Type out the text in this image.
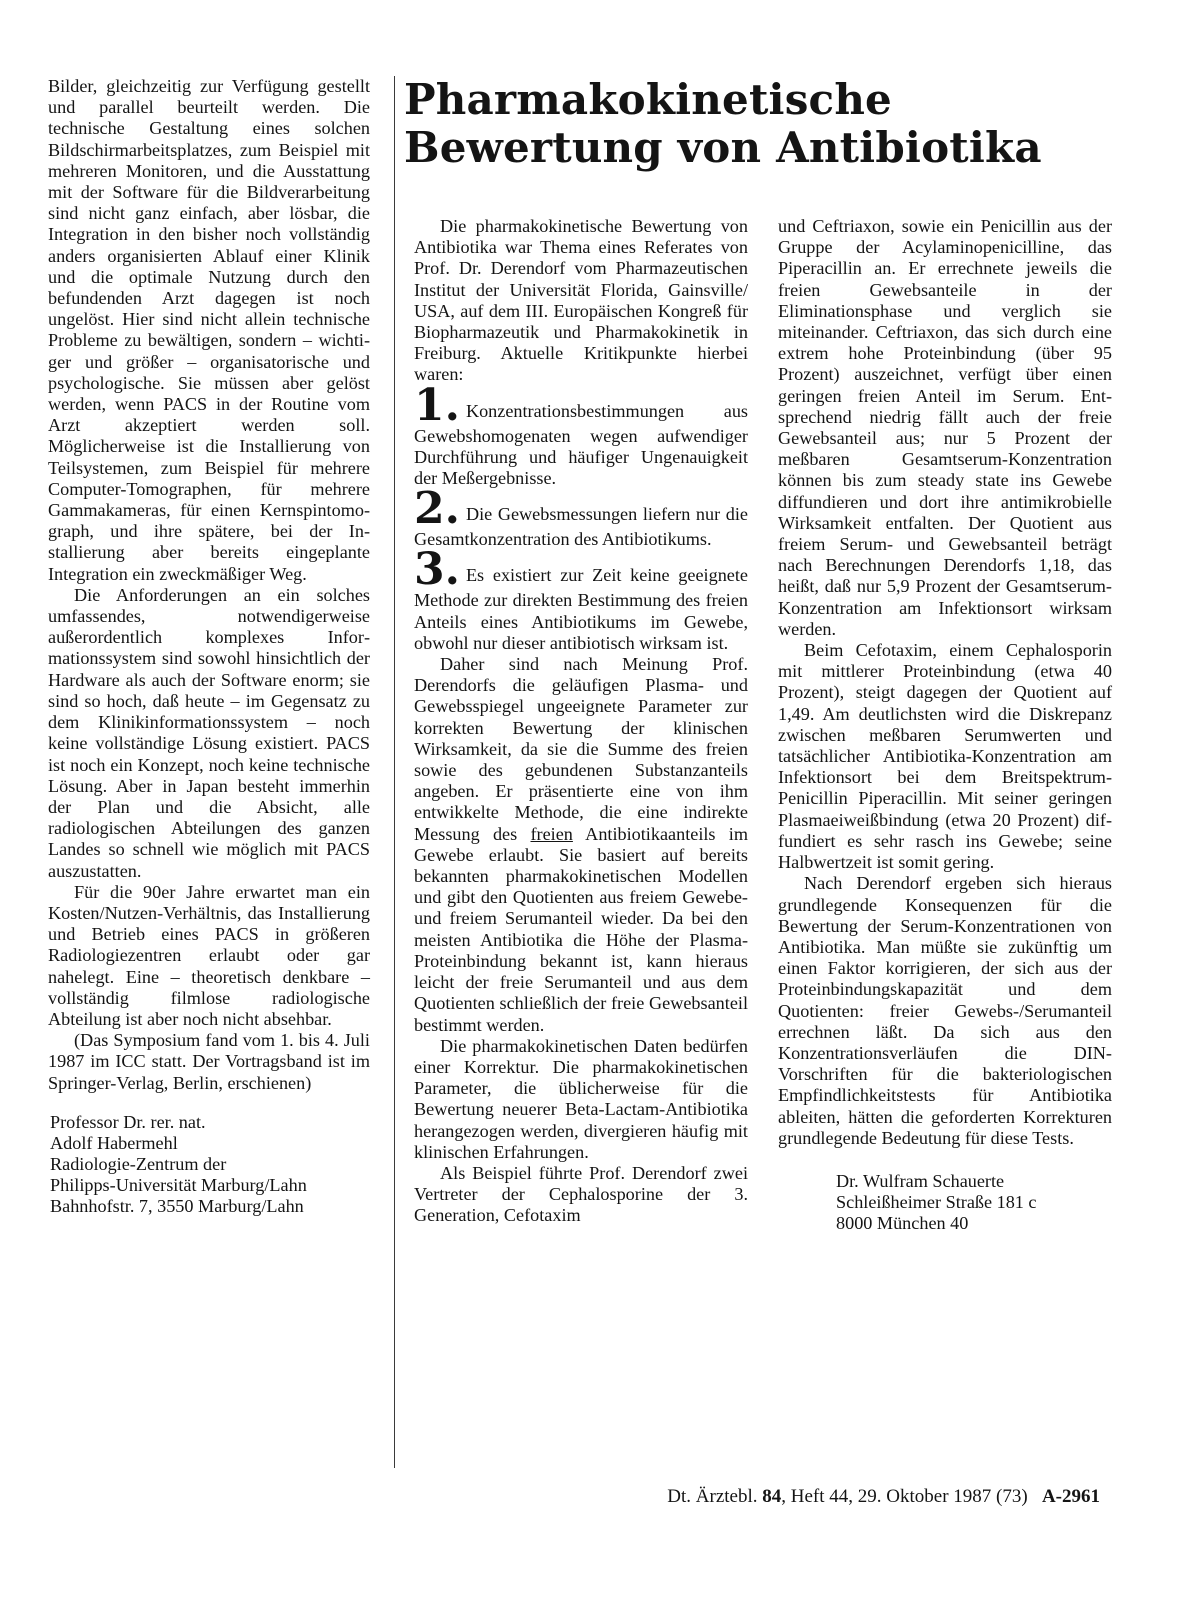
Pharmakokinetische
Bewertung von Antibiotika

Bilder, gleichzeitig zur Verfügung gestellt und parallel beurteilt werden. Die technische Gestaltung eines solchen Bildschirmarbeitsplatzes, zum Beispiel mit mehreren Monitoren, und die Ausstattung mit der Software für die Bildverarbeitung sind nicht ganz einfach, aber lösbar, die Integration in den bisher noch vollständig anders organisierten Ablauf einer Klinik und die optimale Nutzung durch den befundenden Arzt dagegen ist noch ungelöst. Hier sind nicht allein technische Probleme zu bewältigen, sondern – wichtiger und größer – organisatorische und psychologische. Sie müssen aber gelöst werden, wenn PACS in der Routine vom Arzt akzeptiert werden soll. Möglicherweise ist die Installierung von Teilsystemen, zum Beispiel für mehrere Computer-Tomographen, für mehrere Gammakameras, für einen Kernspintomograph, und ihre spätere, bei der Installierung aber bereits eingeplante Integration ein zweckmäßiger Weg.

Die Anforderungen an ein solches umfassendes, notwendigerweise außerordentlich komplexes Informationssystem sind sowohl hinsichtlich der Hardware als auch der Software enorm; sie sind so hoch, daß heute – im Gegensatz zu dem Klinikinformationssystem – noch keine vollständige Lösung existiert. PACS ist noch ein Konzept, noch keine technische Lösung. Aber in Japan besteht immerhin der Plan und die Absicht, alle radiologischen Abteilungen des ganzen Landes so schnell wie möglich mit PACS auszustatten.

Für die 90er Jahre erwartet man ein Kosten/Nutzen-Verhältnis, das Installierung und Betrieb eines PACS in größeren Radiologiezentren erlaubt oder gar nahelegt. Eine – theoretisch denkbare – vollständig filmlose radiologische Abteilung ist aber noch nicht absehbar.

(Das Symposium fand vom 1. bis 4. Juli 1987 im ICC statt. Der Vortragsband ist im Springer-Verlag, Berlin, erschienen)

Professor Dr. rer. nat.
Adolf Habermehl
Radiologie-Zentrum der
Philipps-Universität Marburg/Lahn
Bahnhofstr. 7, 3550 Marburg/Lahn

Die pharmakokinetische Bewertung von Antibiotika war Thema eines Referates von Prof. Dr. Derendorf vom Pharmazeutischen Institut der Universität Florida, Gainsville/ USA, auf dem III. Europäischen Kongreß für Biopharmazeutik und Pharmakokinetik in Freiburg. Aktuelle Kritikpunkte hierbei waren:

1. Konzentrationsbestimmungen aus Gewebshomogenaten wegen aufwendiger Durchführung und häufiger Ungenauigkeit der Meßergebnisse.

2. Die Gewebsmessungen liefern nur die Gesamtkonzentration des Antibiotikums.

3. Es existiert zur Zeit keine geeignete Methode zur direkten Bestimmung des freien Anteils eines Antibiotikums im Gewebe, obwohl nur dieser antibiotisch wirksam ist.

Daher sind nach Meinung Prof. Derendorfs die geläufigen Plasma- und Gewebsspiegel ungeeignete Parameter zur korrekten Bewertung der klinischen Wirksamkeit, da sie die Summe des freien sowie des gebundenen Substanzanteils angeben. Er präsentierte eine von ihm entwikkelte Methode, die eine indirekte Messung des freien Antibiotikaanteils im Gewebe erlaubt. Sie basiert auf bereits bekannten pharmakokinetischen Modellen und gibt den Quotienten aus freiem Gewebe- und freiem Serumanteil wieder. Da bei den meisten Antibiotika die Höhe der Plasma-Proteinbindung bekannt ist, kann hieraus leicht der freie Serumanteil und aus dem Quotienten schließlich der freie Gewebsanteil bestimmt werden.

Die pharmakokinetischen Daten bedürfen einer Korrektur. Die pharmakokinetischen Parameter, die üblicherweise für die Bewertung neuerer Beta-Lactam-Antibiotika herangezogen werden, divergieren häufig mit klinischen Erfahrungen.

Als Beispiel führte Prof. Derendorf zwei Vertreter der Cephalosporine der 3. Generation, Cefotaxim

und Ceftriaxon, sowie ein Penicillin aus der Gruppe der Acylaminopenicilline, das Piperacillin an. Er errechnete jeweils die freien Gewebsanteile in der Eliminationsphase und verglich sie miteinander. Ceftriaxon, das sich durch eine extrem hohe Proteinbindung (über 95 Prozent) auszeichnet, verfügt über einen geringen freien Anteil im Serum. Entsprechend niedrig fällt auch der freie Gewebsanteil aus; nur 5 Prozent der meßbaren Gesamtserum-Konzentration können bis zum steady state ins Gewebe diffundieren und dort ihre antimikrobielle Wirksamkeit entfalten. Der Quotient aus freiem Serum- und Gewebsanteil beträgt nach Berechnungen Derendorfs 1,18, das heißt, daß nur 5,9 Prozent der Gesamtserum-Konzentration am Infektionsort wirksam werden.

Beim Cefotaxim, einem Cephalosporin mit mittlerer Proteinbindung (etwa 40 Prozent), steigt dagegen der Quotient auf 1,49. Am deutlichsten wird die Diskrepanz zwischen meßbaren Serumwerten und tatsächlicher Antibiotika-Konzentration am Infektionsort bei dem Breitspektrum-Penicillin Piperacillin. Mit seiner geringen Plasmaeiweißbindung (etwa 20 Prozent) diffundiert es sehr rasch ins Gewebe; seine Halbwertzeit ist somit gering.

Nach Derendorf ergeben sich hieraus grundlegende Konsequenzen für die Bewertung der Serum-Konzentrationen von Antibiotika. Man müßte sie zukünftig um einen Faktor korrigieren, der sich aus der Proteinbindungskapazität und dem Quotienten: freier Gewebs-/Serumanteil errechnen läßt. Da sich aus den Konzentrationsverläufen die DIN-Vorschriften für die bakteriologischen Empfindlichkeitstests für Antibiotika ableiten, hätten die geforderten Korrekturen grundlegende Bedeutung für diese Tests.

Dr. Wulfram Schauerte
Schleißheimer Straße 181 c
8000 München 40
Dt. Ärztebl. 84, Heft 44, 29. Oktober 1987 (73) A-2961
